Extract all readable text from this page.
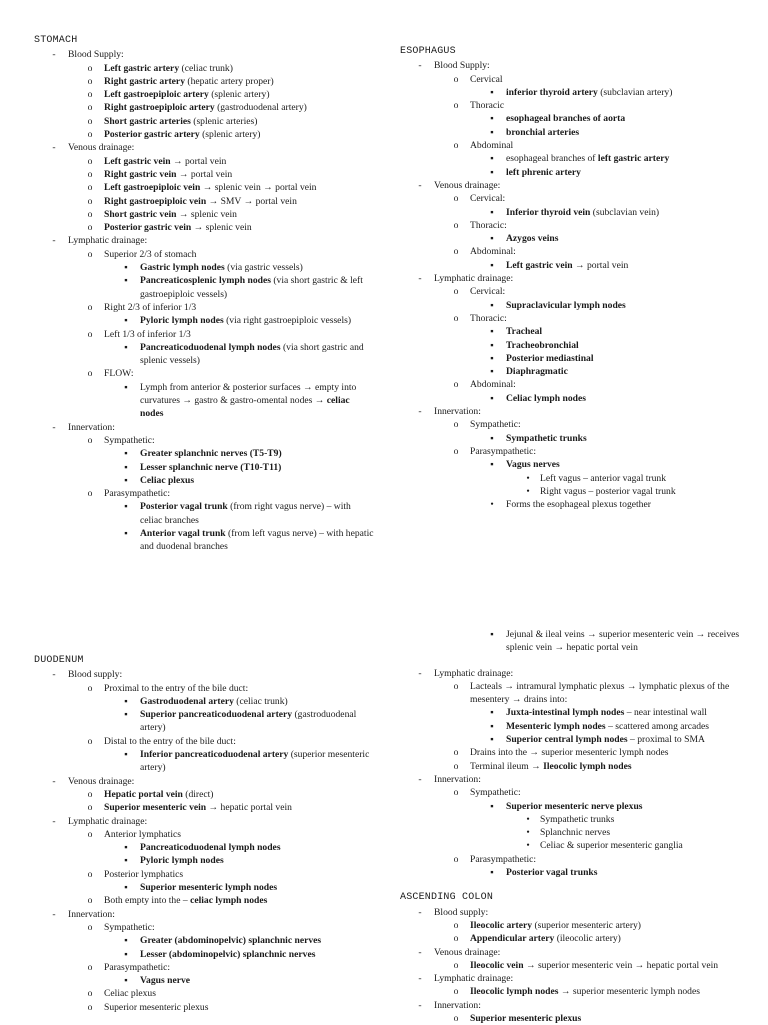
STOMACH
-	Blood Supply:
o	Left gastric artery (celiac trunk)
o	Right gastric artery (hepatic artery proper)
o	Left gastroepiploic artery (splenic artery)
o	Right gastroepiploic artery (gastroduodenal artery)
o	Short gastric arteries (splenic arteries)
o	Posterior gastric artery (splenic artery)
-	Venous drainage:
o	Left gastric vein → portal vein
o	Right gastric vein → portal vein
o	Left gastroepiploic vein → splenic vein → portal vein
o	Right gastroepiploic vein → SMV → portal vein
o	Short gastric vein → splenic vein
o	Posterior gastric vein → splenic vein
-	Lymphatic drainage:
o	Superior 2/3 of stomach
▪	Gastric lymph nodes (via gastric vessels)
▪	Pancreaticosplenic lymph nodes (via short gastric & left gastroepiploic vessels)
o	Right 2/3 of inferior 1/3
▪	Pyloric lymph nodes (via right gastroepiploic vessels)
o	Left 1/3 of inferior 1/3
▪	Pancreaticoduodenal lymph nodes (via short gastric and splenic vessels)
o	FLOW:
▪	Lymph from anterior & posterior surfaces → empty into curvatures → gastro & gastro-omental nodes → celiac nodes
-	Innervation:
o	Sympathetic:
▪	Greater splanchnic nerves (T5-T9)
▪	Lesser splanchnic nerve (T10-T11)
▪	Celiac plexus
o	Parasympathetic:
▪	Posterior vagal trunk (from right vagus nerve) – with celiac branches
▪	Anterior vagal trunk (from left vagus nerve) – with hepatic and duodenal branches
ESOPHAGUS
-	Blood Supply:
o	Cervical
▪	inferior thyroid artery (subclavian artery)
o	Thoracic
▪	esophageal branches of aorta
▪	bronchial arteries
o	Abdominal
▪	esophageal branches of left gastric artery
▪	left phrenic artery
-	Venous drainage:
o	Cervical:
▪	Inferior thyroid vein (subclavian vein)
o	Thoracic:
▪	Azygos veins
o	Abdominal:
▪	Left gastric vein → portal vein
-	Lymphatic drainage:
o	Cervical:
▪	Supraclavicular lymph nodes
o	Thoracic:
▪	Tracheal
▪	Tracheobronchial
▪	Posterior mediastinal
▪	Diaphragmatic
o	Abdominal:
▪	Celiac lymph nodes
-	Innervation:
o	Sympathetic:
▪	Sympathetic trunks
o	Parasympathetic:
▪	Vagus nerves
•	Left vagus – anterior vagal trunk
•	Right vagus – posterior vagal trunk
•	Forms the esophageal plexus together
DUODENUM
-	Blood supply:
o	Proximal to the entry of the bile duct:
▪	Gastroduodenal artery (celiac trunk)
▪	Superior pancreaticoduodenal artery (gastroduodenal artery)
o	Distal to the entry of the bile duct:
▪	Inferior pancreaticoduodenal artery (superior mesenteric artery)
-	Venous drainage:
o	Hepatic portal vein (direct)
o	Superior mesenteric vein → hepatic portal vein
-	Lymphatic drainage:
o	Anterior lymphatics
▪	Pancreaticoduodenal lymph nodes
▪	Pyloric lymph nodes
o	Posterior lymphatics
▪	Superior mesenteric lymph nodes
o	Both empty into the – celiac lymph nodes
-	Innervation:
o	Sympathetic:
▪	Greater (abdominopelvic) splanchnic nerves
▪	Lesser (abdominopelvic) splanchnic nerves
o	Parasympathetic:
▪	Vagus nerve
o	Celiac plexus
o	Superior mesenteric plexus
▪	Jejunal & ileal veins → superior mesenteric vein → receives splenic vein → hepatic portal vein
-	Lymphatic drainage:
o	Lacteals → intramural lymphatic plexus → lymphatic plexus of the mesentery → drains into:
▪	Juxta-intestinal lymph nodes – near intestinal wall
▪	Mesenteric lymph nodes – scattered among arcades
▪	Superior central lymph nodes – proximal to SMA
o	Drains into the → superior mesenteric lymph nodes
o	Terminal ileum → Ileocolic lymph nodes
-	Innervation:
o	Sympathetic:
▪	Superior mesenteric nerve plexus
•	Sympathetic trunks
•	Splanchnic nerves
•	Celiac & superior mesenteric ganglia
o	Parasympathetic:
▪	Posterior vagal trunks
ASCENDING COLON
-	Blood supply:
o	Ileocolic artery (superior mesenteric artery)
o	Appendicular artery (ileocolic artery)
-	Venous drainage:
o	Ileocolic vein → superior mesenteric vein → hepatic portal vein
-	Lymphatic drainage:
o	Ileocolic lymph nodes → superior mesenteric lymph nodes
-	Innervation:
o	Superior mesenteric plexus
